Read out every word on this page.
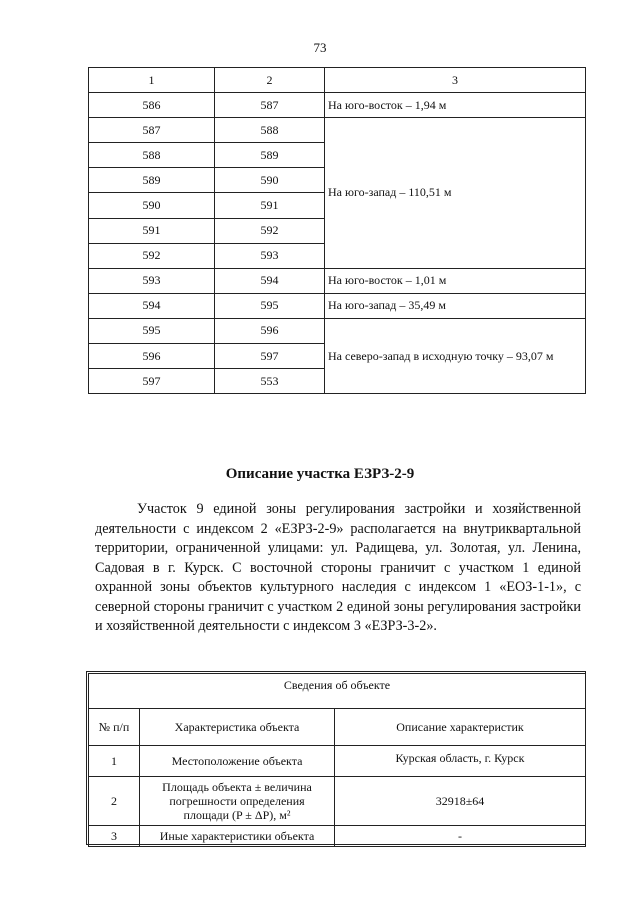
73
1	2	3
586	587	На юго-восток – 1,94 м
587	588	На юго-запад – 110,51 м
588	589	
589	590	
590	591	
591	592	
592	593	
593	594	На юго-восток – 1,01 м
594	595	На юго-запад – 35,49 м
595	596	На северо-запад в исходную точку – 93,07 м
596	597	
597	553	
Описание участка ЕЗРЗ-2-9

Участок 9 единой зоны регулирования застройки и хозяйственной деятельности с индексом 2 «ЕЗРЗ-2-9» располагается на внутриквартальной территории, ограниченной улицами: ул. Радищева, ул. Золотая, ул. Ленина, Садовая в г. Курск. С восточной стороны граничит с участком 1 единой охранной зоны объектов культурного наследия с индексом 1 «ЕОЗ-1-1», с северной стороны граничит с участком 2 единой зоны регулирования застройки и хозяйственной деятельности с индексом 3 «ЕЗРЗ-3-2».

Сведения об объекте		
№ п/п	Характеристика объекта	Описание характеристик
1	Местоположение объекта	Курская область, г. Курск
2	Площадь объекта ± величина
погрешности определения
площади (P ± ΔP), м²	32918±64
3	Иные характеристики объекта	-
